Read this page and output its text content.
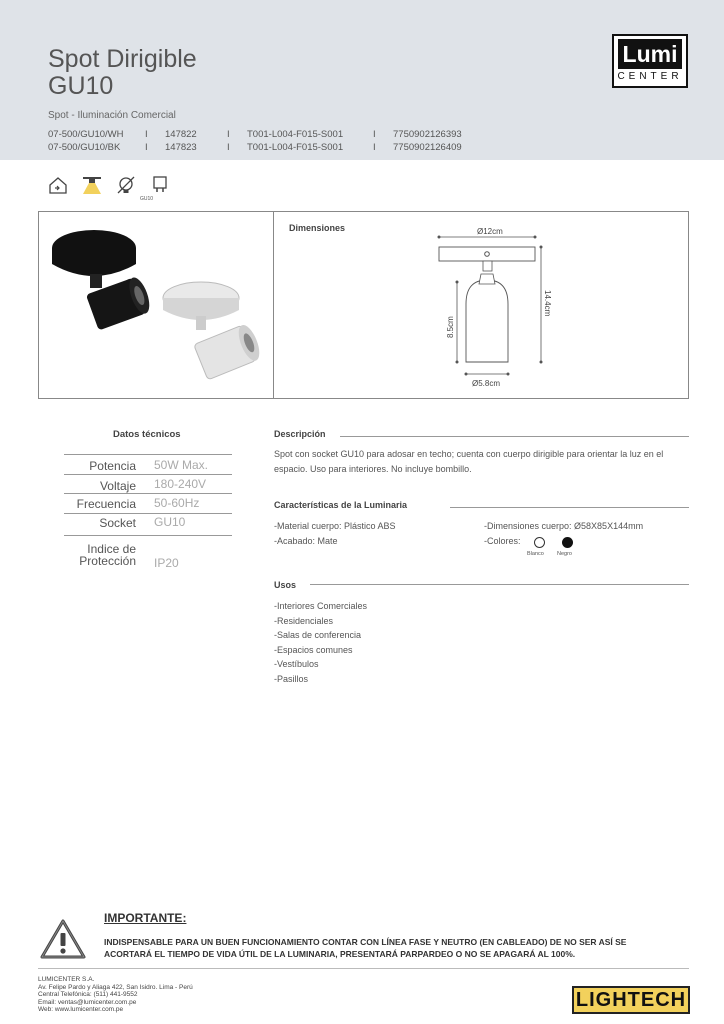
Spot Dirigible
GU10
Spot - Iluminación Comercial
07-500/GU10/WH	I	147822	I	T001-L004-F015-S001	I	7750902126393
07-500/GU10/BK	I	147823	I	T001-L004-F015-S001	I	7750902126409
Lumi
CENTER
GU10
Dimensiones	Ø12cm
8.5cm
14.4cm
Ø5.8cm
Datos técnicos
Potencia 50W Max.
Voltaje 180-240V
Frecuencia 50-60Hz
Socket GU10
Indice de
Protección IP20
Descripción
Spot con socket GU10 para adosar en techo; cuenta con cuerpo dirigible para orientar la luz en el
espacio. Uso para interiores. No incluye bombillo.
Características de la Luminaria
-Material cuerpo: Plástico ABS
-Acabado: Mate
-Dimensiones cuerpo: Ø58X85X144mm
-Colores:
Blanco Negro
Usos
-Interiores Comerciales
-Residenciales
-Salas de conferencia
-Espacios comunes
-Vestíbulos
-Pasillos
IMPORTANTE:
INDISPENSABLE PARA UN BUEN FUNCIONAMIENTO CONTAR CON LÍNEA FASE Y NEUTRO (EN CABLEADO) DE NO SER ASÍ SE
ACORTARÁ EL TIEMPO DE VIDA ÚTIL DE LA LUMINARIA, PRESENTARÁ PARPARDEO O NO SE APAGARÁ AL 100%.
LUMICENTER S.A.
Av. Felipe Pardo y Aliaga 422, San Isidro. Lima - Perú
Central Telefónica: (511) 441-9552
Email: ventas@lumicenter.com.pe
Web: www.lumicenter.com.pe	LIGHTECH
